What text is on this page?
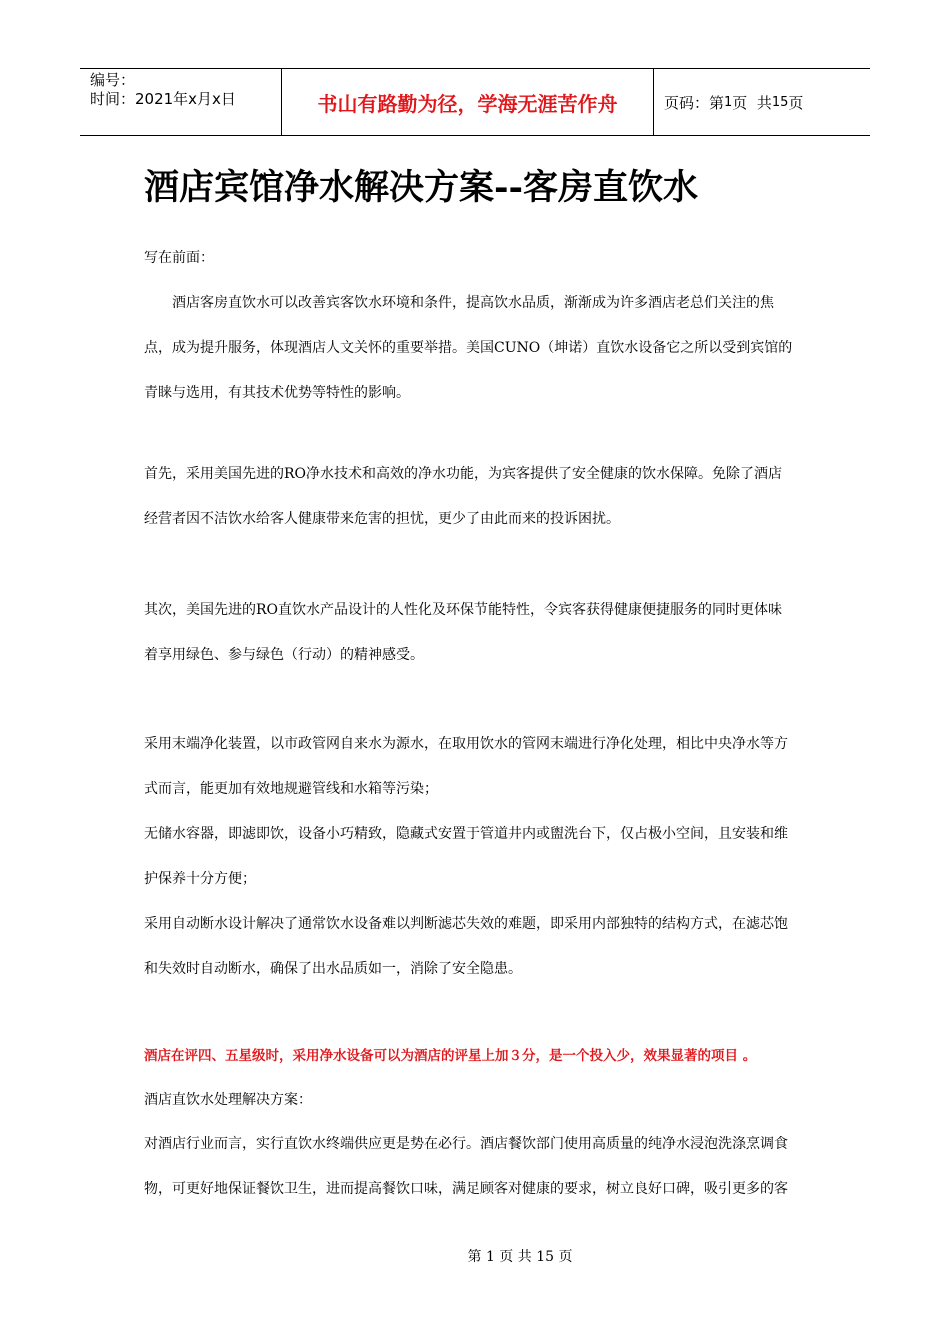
编号：
时间：2021年x月x日	书山有路勤为径，学海无涯苦作舟	页码：第 1 页  共 15 页
酒店宾馆净水解决方案--客房直饮水

写在前面：

　　酒店客房直饮水可以改善宾客饮水环境和条件，提高饮水品质，渐渐成为许多酒店老总们关注的焦

点，成为提升服务，体现酒店人文关怀的重要举措。美国CUNO（坤诺）直饮水设备它之所以受到宾馆的

青睐与选用，有其技术优势等特性的影响。

首先，采用美国先进的RO净水技术和高效的净水功能，为宾客提供了安全健康的饮水保障。免除了酒店

经营者因不洁饮水给客人健康带来危害的担忧，更少了由此而来的投诉困扰。

其次，美国先进的RO直饮水产品设计的人性化及环保节能特性，令宾客获得健康便捷服务的同时更体味

着享用绿色、参与绿色（行动）的精神感受。

采用末端净化装置，以市政管网自来水为源水，在取用饮水的管网末端进行净化处理，相比中央净水等方

式而言，能更加有效地规避管线和水箱等污染；

无储水容器，即滤即饮，设备小巧精致，隐藏式安置于管道井内或盥洗台下，仅占极小空间，且安装和维

护保养十分方便；

采用自动断水设计解决了通常饮水设备难以判断滤芯失效的难题，即采用内部独特的结构方式，在滤芯饱

和失效时自动断水，确保了出水品质如一，消除了安全隐患。

酒店在评四、五星级时，采用净水设备可以为酒店的评星上加３分，是一个投入少，效果显著的项目 。

酒店直饮水处理解决方案：

对酒店行业而言，实行直饮水终端供应更是势在必行。酒店餐饮部门使用高质量的纯净水浸泡洗涤烹调食

物，可更好地保证餐饮卫生，进而提高餐饮口味，满足顾客对健康的要求，树立良好口碑，吸引更多的客

第 1 页 共 15 页
